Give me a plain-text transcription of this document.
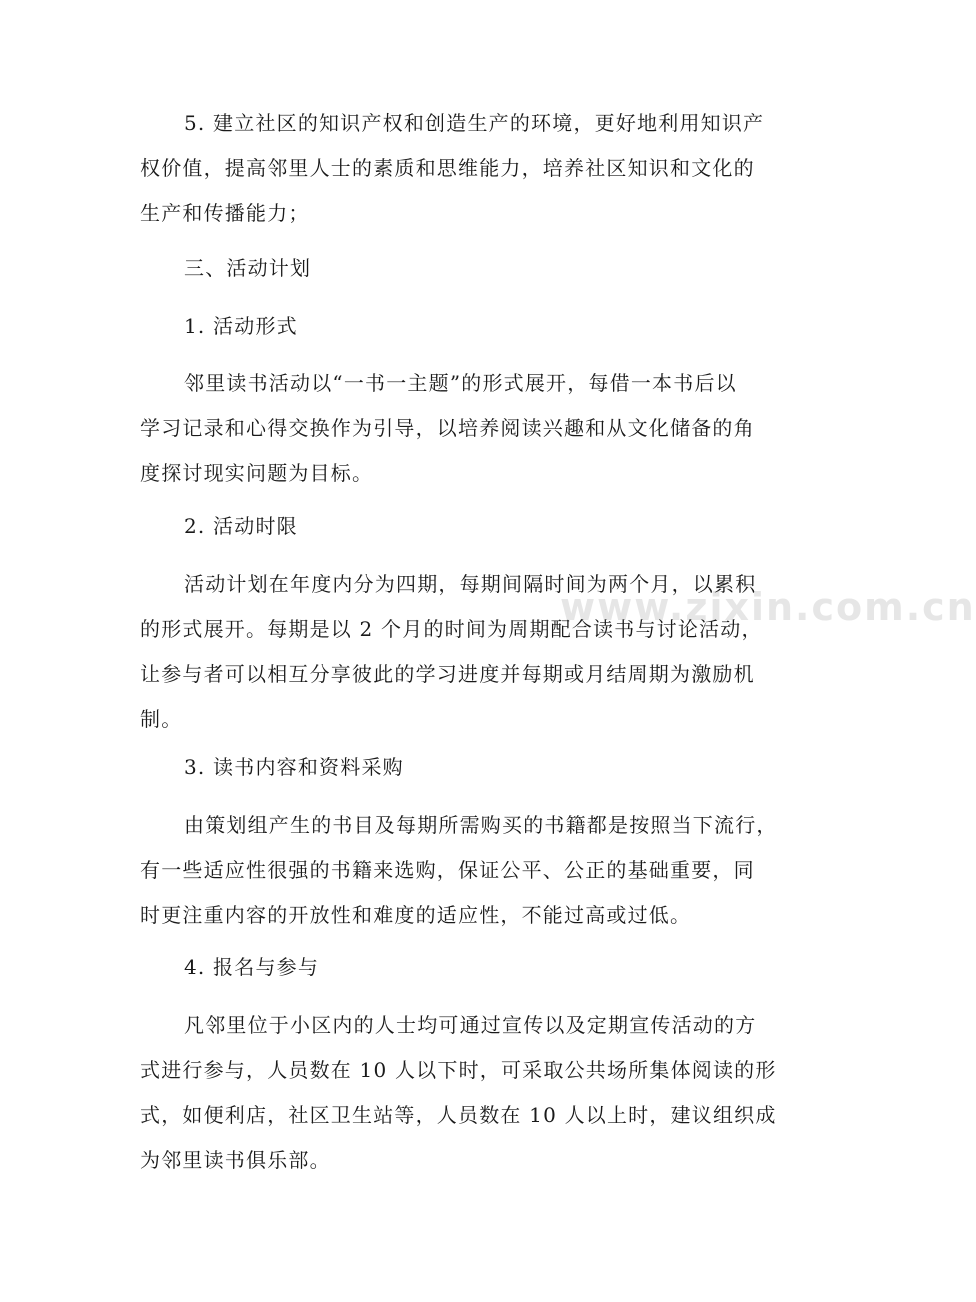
www.zixin.com.cn

5. 建立社区的知识产权和创造生产的环境，更好地利用知识产
权价值，提高邻里人士的素质和思维能力，培养社区知识和文化的
生产和传播能力；

三、活动计划

1. 活动形式

邻里读书活动以“一书一主题”的形式展开，每借一本书后以
学习记录和心得交换作为引导，以培养阅读兴趣和从文化储备的角
度探讨现实问题为目标。

2. 活动时限

活动计划在年度内分为四期，每期间隔时间为两个月，以累积
的形式展开。每期是以 2 个月的时间为周期配合读书与讨论活动，
让参与者可以相互分享彼此的学习进度并每期或月结周期为激励机
制。

3. 读书内容和资料采购

由策划组产生的书目及每期所需购买的书籍都是按照当下流行，
有一些适应性很强的书籍来选购，保证公平、公正的基础重要，同
时更注重内容的开放性和难度的适应性，不能过高或过低。

4. 报名与参与

凡邻里位于小区内的人士均可通过宣传以及定期宣传活动的方
式进行参与，人员数在 10 人以下时，可采取公共场所集体阅读的形
式，如便利店，社区卫生站等，人员数在 10 人以上时，建议组织成
为邻里读书俱乐部。
